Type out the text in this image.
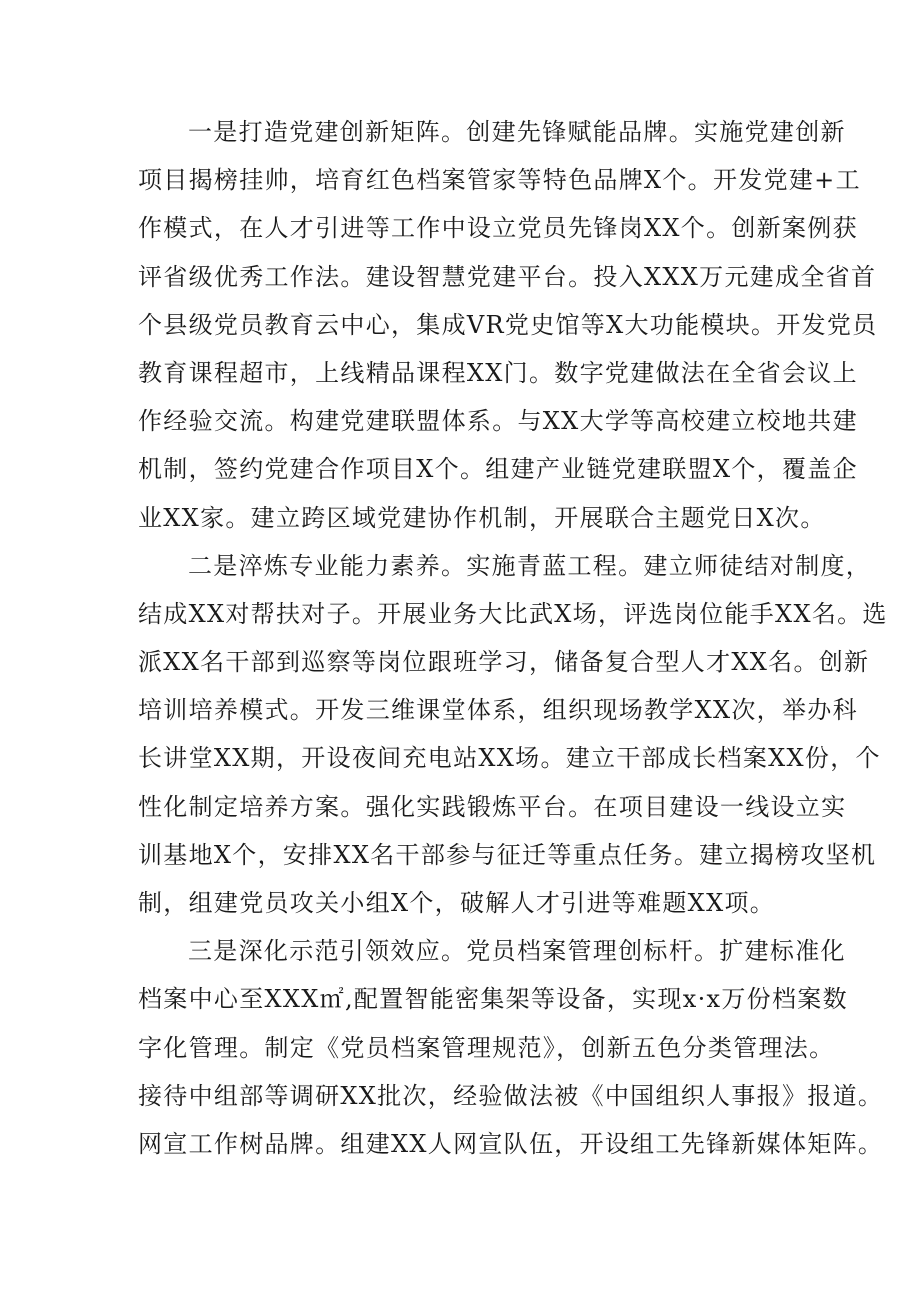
一是打造党建创新矩阵。创建先锋赋能品牌。实施党建创新
项目揭榜挂帅，培育红色档案管家等特色品牌X个。开发党建+工
作模式，在人才引进等工作中设立党员先锋岗XX个。创新案例获
评省级优秀工作法。建设智慧党建平台。投入XXX万元建成全省首
个县级党员教育云中心，集成VR党史馆等X大功能模块。开发党员
教育课程超市，上线精品课程XX门。数字党建做法在全省会议上
作经验交流。构建党建联盟体系。与XX大学等高校建立校地共建
机制，签约党建合作项目X个。组建产业链党建联盟X个，覆盖企
业XX家。建立跨区域党建协作机制，开展联合主题党日X次。
二是淬炼专业能力素养。实施青蓝工程。建立师徒结对制度，
结成XX对帮扶对子。开展业务大比武X场，评选岗位能手XX名。选
派XX名干部到巡察等岗位跟班学习，储备复合型人才XX名。创新
培训培养模式。开发三维课堂体系，组织现场教学XX次，举办科
长讲堂XX期，开设夜间充电站XX场。建立干部成长档案XX份，个
性化制定培养方案。强化实践锻炼平台。在项目建设一线设立实
训基地X个，安排XX名干部参与征迁等重点任务。建立揭榜攻坚机
制，组建党员攻关小组X个，破解人才引进等难题XX项。
三是深化示范引领效应。党员档案管理创标杆。扩建标准化
档案中心至XXX㎡,配置智能密集架等设备，实现x·x万份档案数
字化管理。制定《党员档案管理规范》，创新五色分类管理法。
接待中组部等调研XX批次，经验做法被《中国组织人事报》报道。
网宣工作树品牌。组建XX人网宣队伍，开设组工先锋新媒体矩阵。
